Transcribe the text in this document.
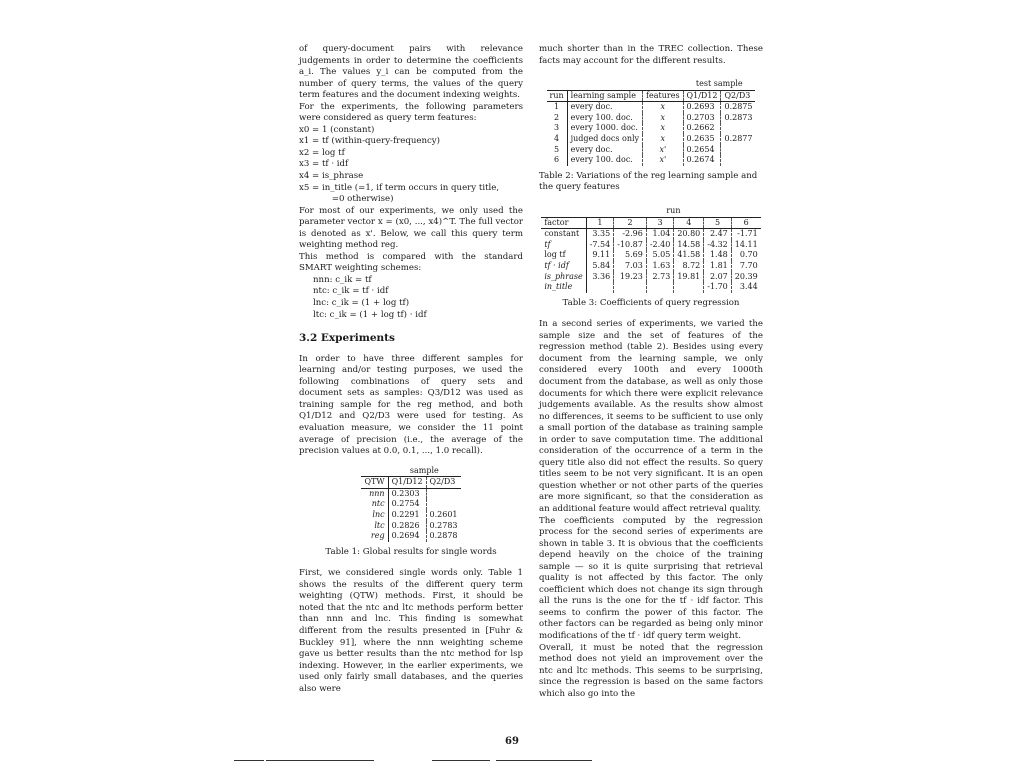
of query-document pairs with relevance judgements in order to determine the coefficients a_i. The values y_i can be computed from the number of query terms, the values of the query term features and the document indexing weights.

For the experiments, the following parameters were considered as query term features:

x0 = 1 (constant)
x1 = tf (within-query-frequency)
x2 = log tf
x3 = tf · idf
x4 = is_phrase
x5 = in_title (=1, if term occurs in query title,
=0 otherwise)

For most of our experiments, we only used the parameter vector x = (x0, ..., x4)^T. The full vector is denoted as x'. Below, we call this query term weighting method reg.

This method is compared with the standard SMART weighting schemes:

nnn: c_ik = tf
ntc: c_ik = tf · idf
lnc: c_ik = (1 + log tf)
ltc: c_ik = (1 + log tf) · idf
3.2 Experiments

In order to have three different samples for learning and/or testing purposes, we used the following combinations of query sets and document sets as samples: Q3/D12 was used as training sample for the reg method, and both Q1/D12 and Q2/D3 were used for testing. As evaluation measure, we consider the 11 point average of precision (i.e., the average of the precision values at 0.0, 0.1, ..., 1.0 recall).

	sample	
QTW	Q1/D12	Q2/D3
nnn	0.2303	
ntc	0.2754	
lnc	0.2291	0.2601
ltc	0.2826	0.2783
reg	0.2694	0.2878
Table 1: Global results for single words

First, we considered single words only. Table 1 shows the results of the different query term weighting (QTW) methods. First, it should be noted that the ntc and ltc methods perform better than nnn and lnc. This finding is somewhat different from the results presented in [Fuhr & Buckley 91], where the nnn weighting scheme gave us better results than the ntc method for lsp indexing. However, in the earlier experiments, we used only fairly small databases, and the queries also were

much shorter than in the TREC collection. These facts may account for the different results.

			test sample	
run	learning sample	features	Q1/D12	Q2/D3
1	every doc.	x	0.2693	0.2875
2	every 100. doc.	x	0.2703	0.2873
3	every 1000. doc.	x	0.2662	
4	judged docs only	x	0.2635	0.2877
5	every doc.	x'	0.2654	
6	every 100. doc.	x'	0.2674	
Table 2: Variations of the reg learning sample and the query features
	run					
factor	1	2	3	4	5	6
constant	3.35	-2.96	1.04	20.80	2.47	-1.71
tf	-7.54	-10.87	-2.40	14.58	-4.32	14.11
log tf	9.11	5.69	5.05	41.58	1.48	0.70
tf · idf	5.84	7.03	1.63	8.72	1.81	7.70
is_phrase	3.36	19.23	2.73	19.81	2.07	20.39
in_title					-1.70	3.44
Table 3: Coefficients of query regression

In a second series of experiments, we varied the sample size and the set of features of the regression method (table 2). Besides using every document from the learning sample, we only considered every 100th and every 1000th document from the database, as well as only those documents for which there were explicit relevance judgements available. As the results show almost no differences, it seems to be sufficient to use only a small portion of the database as training sample in order to save computation time. The additional consideration of the occurrence of a term in the query title also did not effect the results. So query titles seem to be not very significant. It is an open question whether or not other parts of the queries are more significant, so that the consideration as an additional feature would affect retrieval quality.

The coefficients computed by the regression process for the second series of experiments are shown in table 3. It is obvious that the coefficients depend heavily on the choice of the training sample — so it is quite surprising that retrieval quality is not affected by this factor. The only coefficient which does not change its sign through all the runs is the one for the tf · idf factor. This seems to confirm the power of this factor. The other factors can be regarded as being only minor modifications of the tf · idf query term weight.

Overall, it must be noted that the regression method does not yield an improvement over the ntc and ltc methods. This seems to be surprising, since the regression is based on the same factors which also go into the

69
